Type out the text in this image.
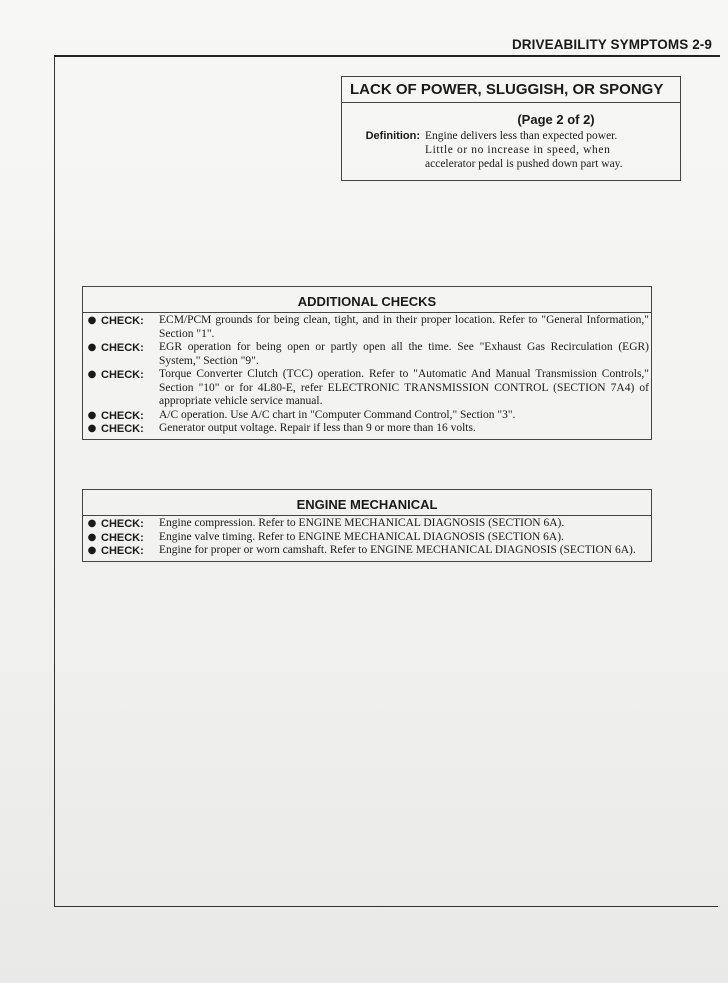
DRIVEABILITY SYMPTOMS 2-9
LACK OF POWER, SLUGGISH, OR SPONGY
(Page 2 of 2)
Definition: Engine delivers less than expected power.
Little or no increase in speed, when
accelerator pedal is pushed down part way.
ADDITIONAL CHECKS
● CHECK:	ECM/PCM grounds for being clean, tight, and in their proper location. Refer to "General Information," Section "1".
● CHECK:	EGR operation for being open or partly open all the time. See "Exhaust Gas Recirculation (EGR) System," Section "9".
● CHECK:	Torque Converter Clutch (TCC) operation. Refer to "Automatic And Manual Transmission Controls," Section "10" or for 4L80-E, refer ELECTRONIC TRANSMISSION CONTROL (SECTION 7A4) of appropriate vehicle service manual.
● CHECK:	A/C operation. Use A/C chart in "Computer Command Control," Section "3".
● CHECK:	Generator output voltage. Repair if less than 9 or more than 16 volts.
ENGINE MECHANICAL
● CHECK:	Engine compression. Refer to ENGINE MECHANICAL DIAGNOSIS (SECTION 6A).
● CHECK:	Engine valve timing. Refer to ENGINE MECHANICAL DIAGNOSIS (SECTION 6A).
● CHECK:	Engine for proper or worn camshaft. Refer to ENGINE MECHANICAL DIAGNOSIS (SECTION 6A).
